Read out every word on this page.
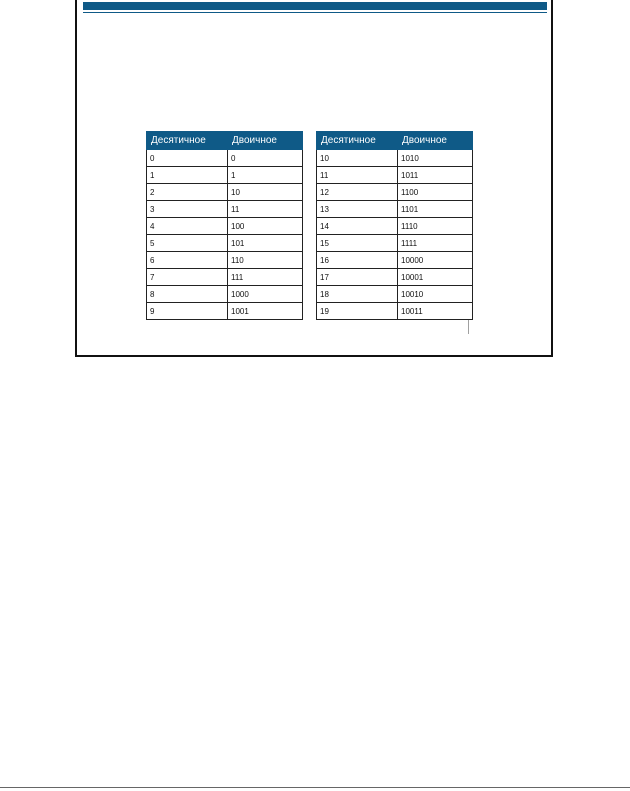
Десятичное	Двоичное
0	0
1	1
2	10
3	11
4	100
5	101
6	110
7	111
8	1000
9	1001
Десятичное	Двоичное
10	1010
11	1011
12	1100
13	1101
14	1110
15	1111
16	10000
17	10001
18	10010
19	10011
